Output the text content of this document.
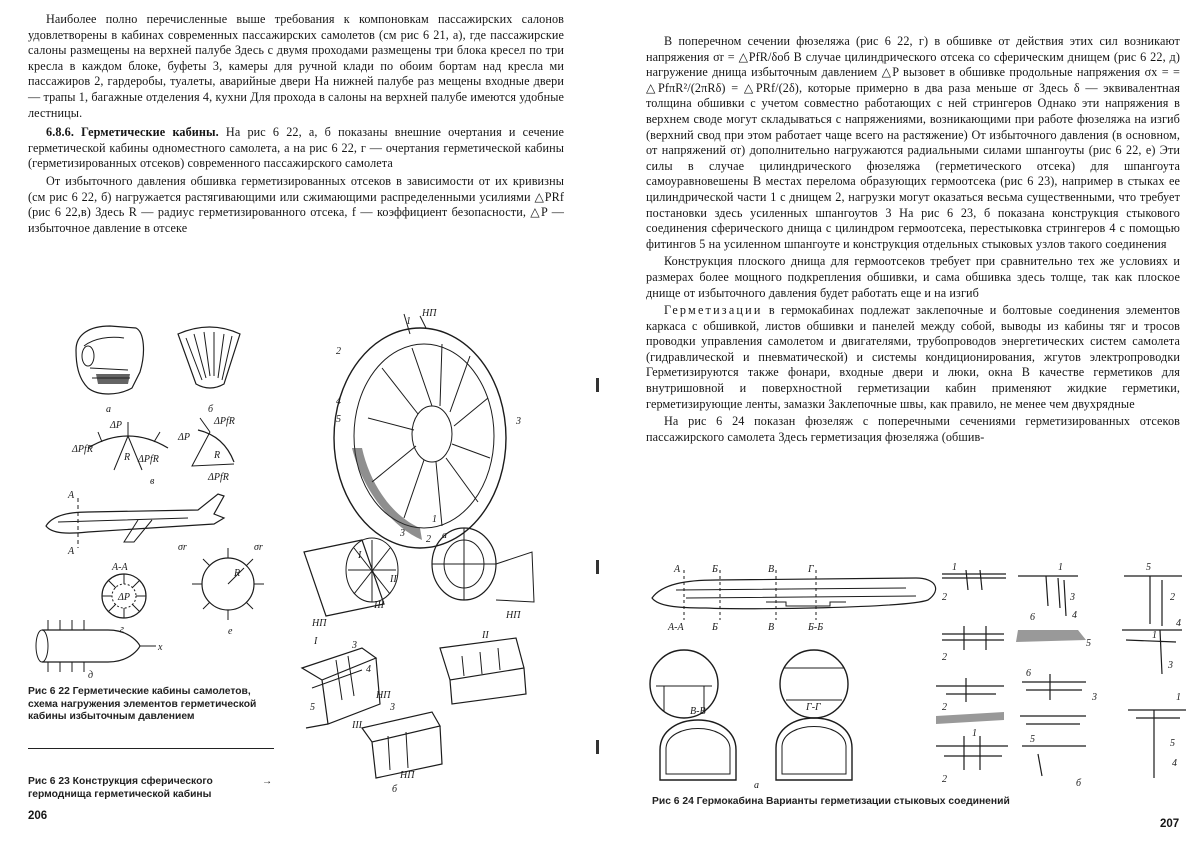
Наиболее полно перечисленные выше требования к компоновкам пассажирских салонов удовлетворены в кабинах современных пассажирских самолетов (см рис 6 21, а), где пассажирские салоны размещены на верхней палубе Здесь с двумя проходами размещены три блока кресел по три кресла в каждом блоке, буфеты 3, камеры для ручной клади по обоим бортам над кресла ми пассажиров 2, гардеробы, туалеты, аварийные двери На нижней палубе раз мещены входные двери — трапы 1, багажные отделения 4, кухни Для прохода в салоны на верхней палубе имеются удобные лестницы.

6.8.6. Герметические кабины. На рис 6 22, а, б показаны внешние очертания и сечение герметической кабины одноместного самолета, а на рис 6 22, г — очертания герметической кабины (герметизированных отсеков) современного пассажирского самолета

От избыточного давления обшивка герметизированных отсеков в зависимости от их кривизны (см рис 6 22, б) нагружается растягивающими или сжимающими распределенными усилиями △PRf (рис 6 22,в) Здесь R — радиус герметизированного отсека, f — коэффициент безопасности, △P — избыточное давление в отсеке

а	б
ΔPfR
ΔPfR
ΔP
R
ΔPfR
ΔP
R
ΔPfR
в
A
A
А-А
ΔP
г
σr	σr
R
е
x
д
1
НП
2
4
5	3
1
а
3
2
II
III
I
НП
НП
I	3
4
5
II
3
III
НП
НП
б
Рис 6 22 Герметические кабины самолетов, схема нагружения элементов герметической кабины избыточным давлением
Рис 6 23 Конструкция сферического гермоднища герметической кабины
→
206

В поперечном сечении фюзеляжа (рис 6 22, г) в обшивке от действия этих сил возникают напряжения σr = △PfR/δоб В случае цилиндрического отсека со сферическим днищем (рис 6 22, д) нагружение днища избыточным давлением △P вызовет в обшивке продольные напряжения σx = = △PfπR²/(2πRδ) = △PRf/(2δ), которые примерно в два раза меньше σr Здесь δ — эквивалентная толщина обшивки с учетом совместно работающих с ней стрингеров Однако эти напряжения в верхнем своде могут складываться с напряжениями, возникающими при работе фюзеляжа на изгиб (верхний свод при этом работает чаще всего на растяжение) От избыточного давления (в основном, от напряжений σr) дополнительно нагружаются радиальными силами шпангоуты (рис 6 22, е) Эти силы в случае цилиндрического фюзеляжа (герметического отсека) для шпангоута самоуравновешены В местах перелома образующих гермоотсека (рис 6 23), например в стыках ее цилиндрической части 1 с днищем 2, нагрузки могут оказаться весьма существенными, что требует постановки здесь усиленных шпангоутов 3 На рис 6 23, б показана конструкция стыкового соединения сферического днища с цилиндром гермоотсека, перестыковка стрингеров 4 с помощью фитингов 5 на усиленном шпангоуте и конструкция отдельных стыковых узлов такого соединения

Конструкция плоского днища для гермоотсеков требует при сравнительно тех же условиях и размерах более мощного подкрепления обшивки, и сама обшивка здесь толще, так как плоское днище от избыточного давления будет работать еще и на изгиб

Герметизации в гермокабинах подлежат заклепочные и болтовые соединения элементов каркаса с обшивкой, листов обшивки и панелей между собой, выводы из кабины тяг и тросов проводки управления самолетом и двигателями, трубопроводов энергетических систем самолета (гидравлической и пневматической) и системы кондиционирования, жгутов электропроводки Герметизируются также фонари, входные двери и люки, окна В качестве герметиков для внутришовной и поверхностной герметизации кабин применяют жидкие герметики, герметизирующие ленты, замазки Заклепочные швы, как правило, не менее чем двухрядные

На рис 6 24 показан фюзеляж с поперечными сечениями герметизированных отсеков пассажирского самолета Здесь герметизация фюзеляжа (обшив-

А	Б	В	Г
А-А	Б	В	Б-Б
В-В	Г-Г
а
1
2
1
3
4
5
2
4
6
5
2
1
3
6
2
3	1
5
4
1
2
5
б
Рис 6 24 Гермокабина Варианты герметизации стыковых соединений
207
